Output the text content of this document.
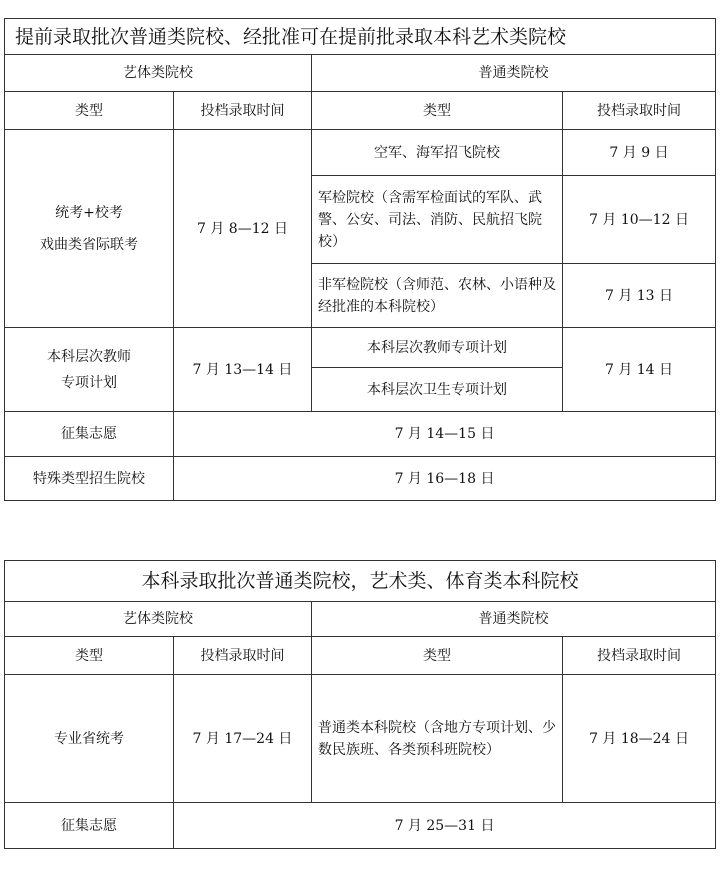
提前录取批次普通类院校、经批准可在提前批录取本科艺术类院校			
艺体类院校		普通类院校	
类型	投档录取时间	类型	投档录取时间

统考+校考
戏曲类省际联考	7 月 8—12 日	空军、海军招飞院校	7 月 9 日
		军检院校（含需军检面试的军队、武警、公安、司法、消防、民航招飞院校）	7 月 10—12 日
		非军检院校（含师范、农林、小语种及经批准的本科院校）	7 月 13 日

本科层次教师
专项计划	7 月 13—14 日	本科层次教师专项计划	7 月 14 日
		本科层次卫生专项计划	
征集志愿	7 月 14—15 日		
特殊类型招生院校	7 月 16—18 日		
本科录取批次普通类院校，艺术类、体育类本科院校			
艺体类院校		普通类院校	
类型	投档录取时间	类型	投档录取时间
专业省统考	7 月 17—24 日	普通类本科院校（含地方专项计划、少数民族班、各类预科班院校）	7 月 18—24 日
征集志愿	7 月 25—31 日		
